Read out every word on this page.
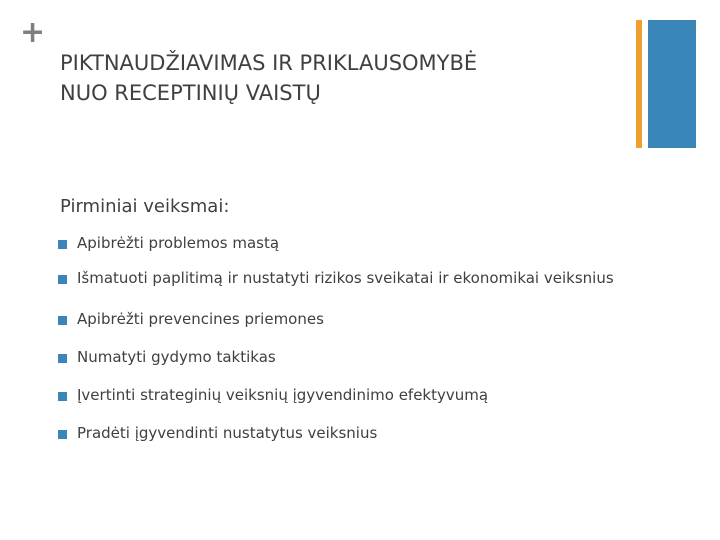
+
PIKTNAUDŽIAVIMAS IR PRIKLAUSOMYBĖ
NUO RECEPTINIŲ VAISTŲ
Pirminiai veiksmai:
Apibrėžti problemos mastą
Išmatuoti paplitimą ir nustatyti rizikos sveikatai ir ekonomikai veiksnius
Apibrėžti prevencines priemones
Numatyti gydymo taktikas
Įvertinti strateginių veiksnių įgyvendinimo efektyvumą
Pradėti įgyvendinti nustatytus veiksnius
